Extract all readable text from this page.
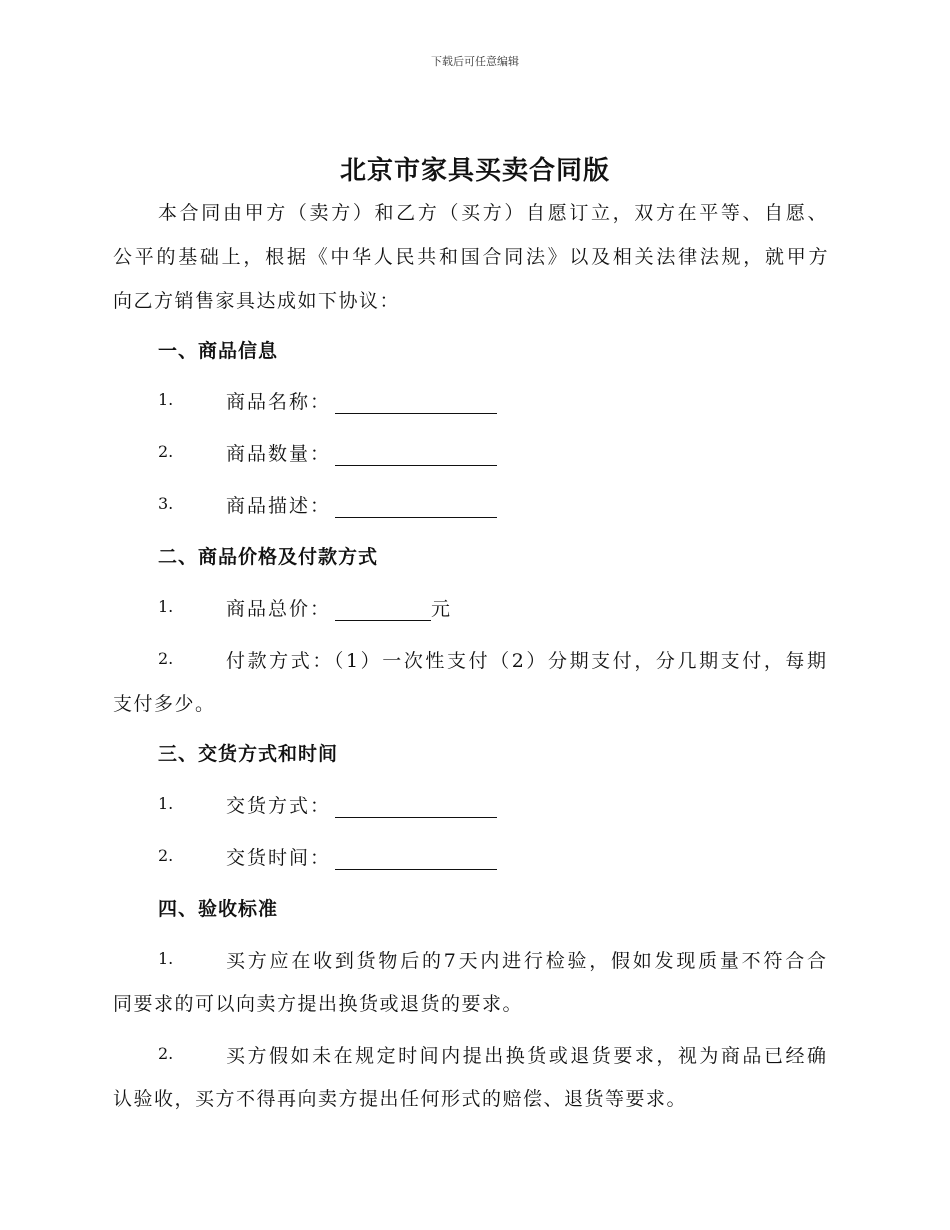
下载后可任意编辑
北京市家具买卖合同版
本合同由甲方（卖方）和乙方（买方）自愿订立，双方在平等、自愿、
公平的基础上，根据《中华人民共和国合同法》以及相关法律法规，就甲方
向乙方销售家具达成如下协议：
一、商品信息
1.	商品名称：
2.	商品数量：
3.	商品描述：
二、商品价格及付款方式
1.	商品总价：	元
2.	付款方式：（1）一次性支付（2）分期支付，分几期支付，每期
支付多少。
三、交货方式和时间
1.	交货方式：
2.	交货时间：
四、验收标准
1.	买方应在收到货物后的7天内进行检验，假如发现质量不符合合
同要求的可以向卖方提出换货或退货的要求。
2.	买方假如未在规定时间内提出换货或退货要求，视为商品已经确
认验收，买方不得再向卖方提出任何形式的赔偿、退货等要求。
